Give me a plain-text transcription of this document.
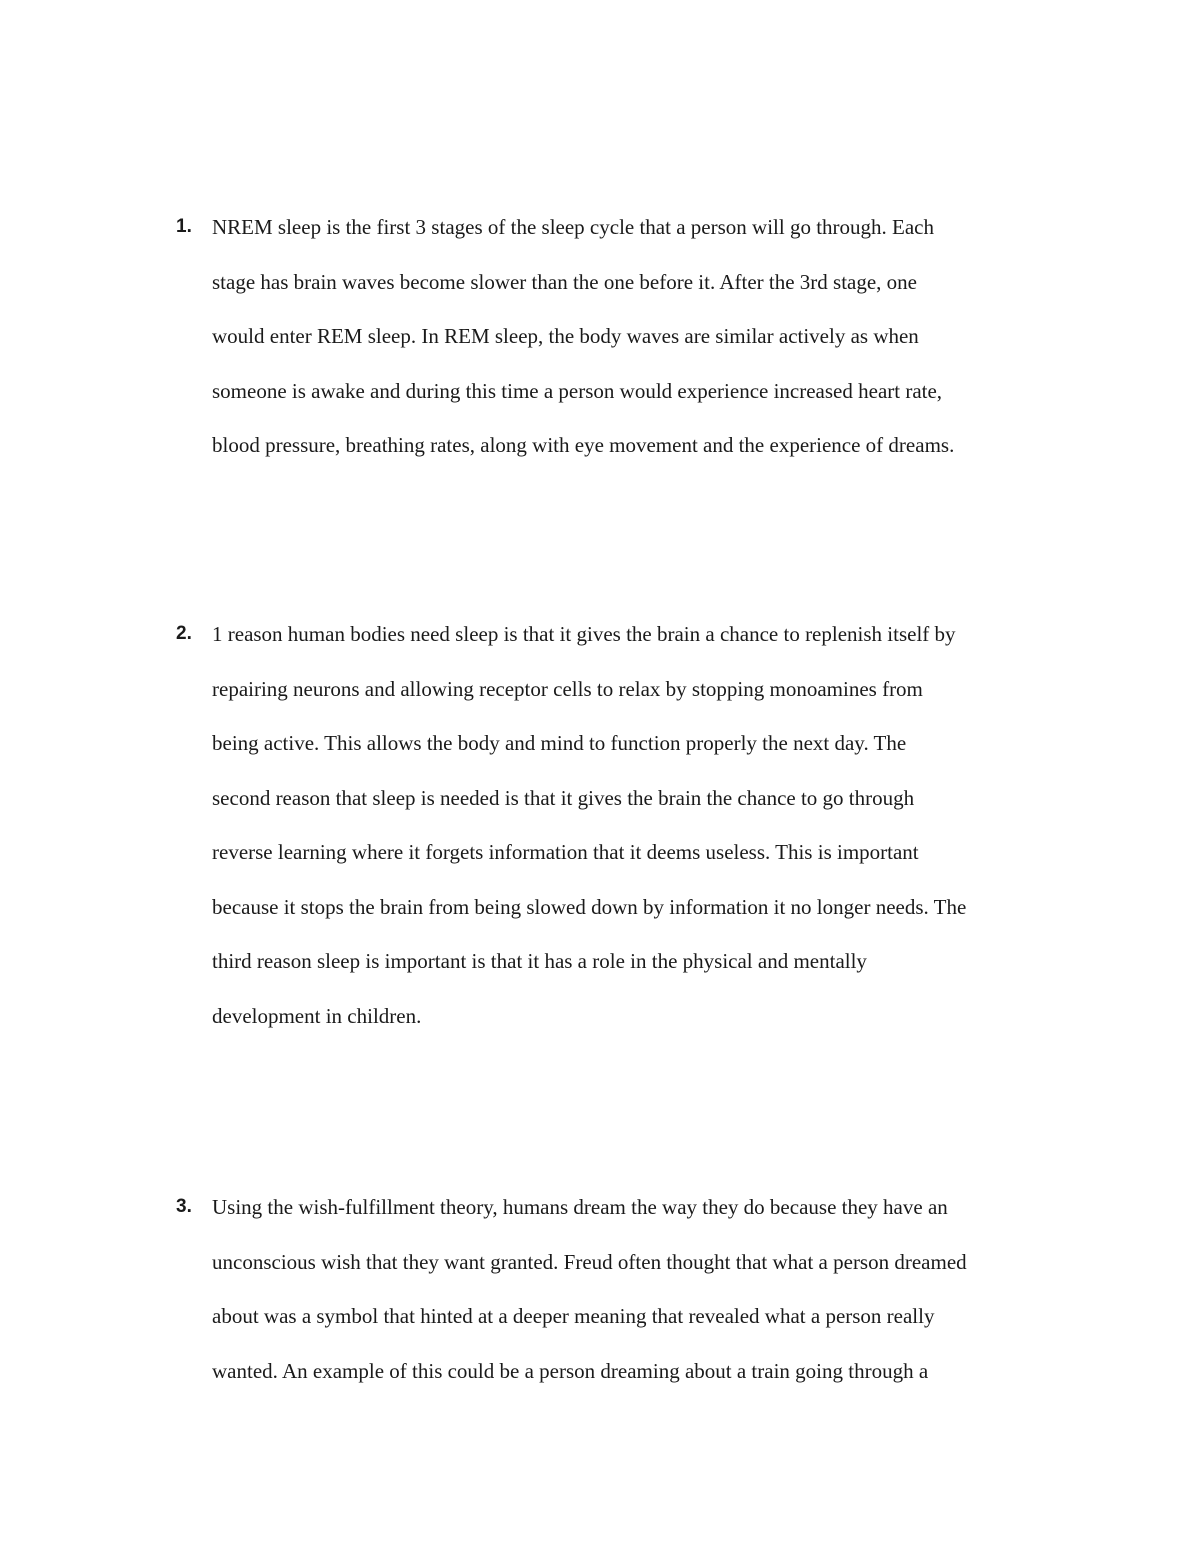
1. NREM sleep is the first 3 stages of the sleep cycle that a person will go through. Each
stage has brain waves become slower than the one before it. After the 3rd stage, one
would enter REM sleep. In REM sleep, the body waves are similar actively as when
someone is awake and during this time a person would experience increased heart rate,
blood pressure, breathing rates, along with eye movement and the experience of dreams.
2. 1 reason human bodies need sleep is that it gives the brain a chance to replenish itself by
repairing neurons and allowing receptor cells to relax by stopping monoamines from
being active. This allows the body and mind to function properly the next day. The
second reason that sleep is needed is that it gives the brain the chance to go through
reverse learning where it forgets information that it deems useless. This is important
because it stops the brain from being slowed down by information it no longer needs. The
third reason sleep is important is that it has a role in the physical and mentally
development in children.
3. Using the wish-fulfillment theory, humans dream the way they do because they have an
unconscious wish that they want granted. Freud often thought that what a person dreamed
about was a symbol that hinted at a deeper meaning that revealed what a person really
wanted. An example of this could be a person dreaming about a train going through a
